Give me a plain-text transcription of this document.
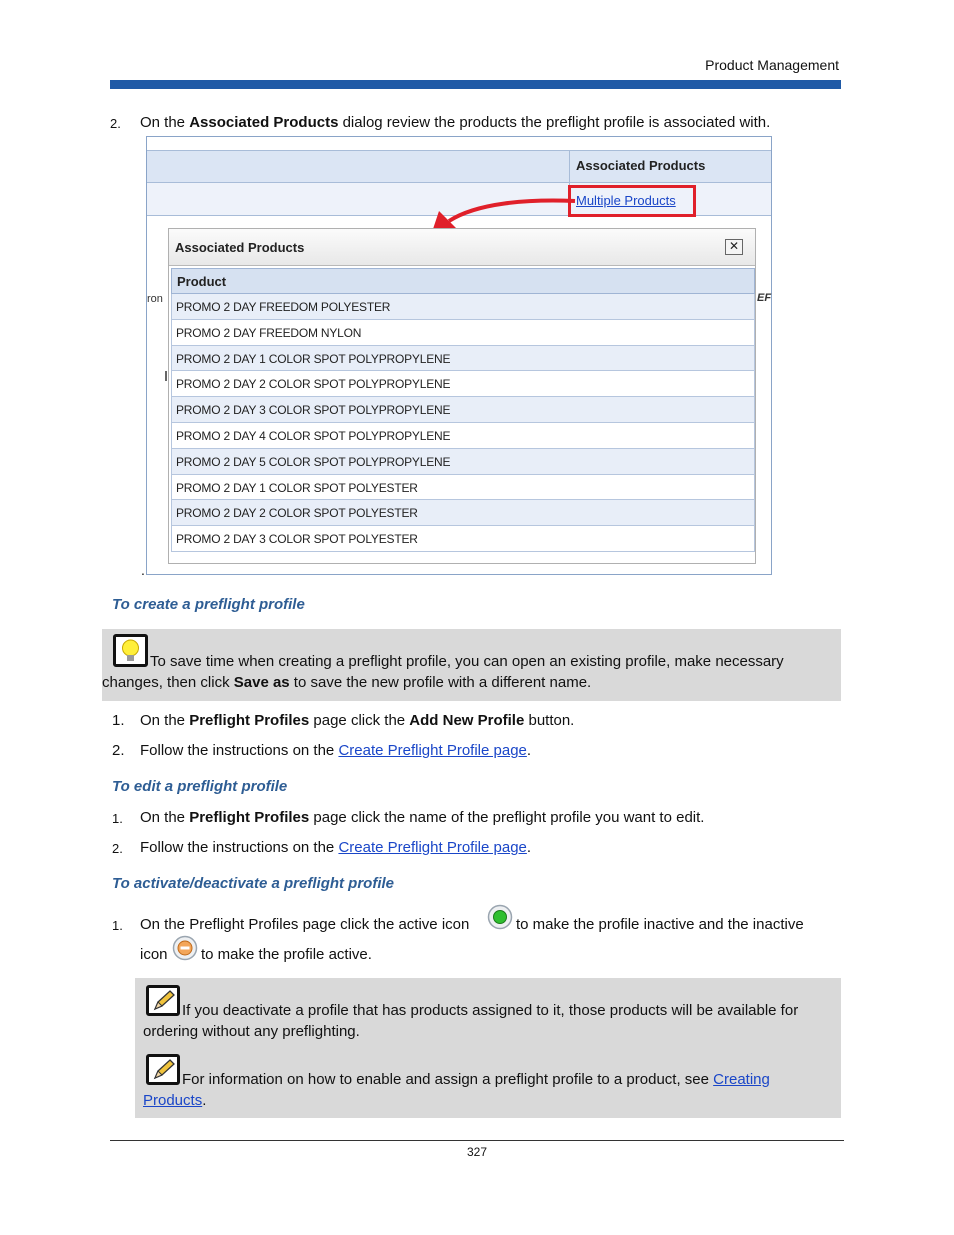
Product Management
2. On the Associated Products dialog review the products the preflight profile is associated with.
Associated Products
Multiple Products
ron	EF
Associated Products	✕
Product
PROMO 2 DAY FREEDOM POLYESTER
PROMO 2 DAY FREEDOM NYLON
PROMO 2 DAY 1 COLOR SPOT POLYPROPYLENE
PROMO 2 DAY 2 COLOR SPOT POLYPROPYLENE
PROMO 2 DAY 3 COLOR SPOT POLYPROPYLENE
PROMO 2 DAY 4 COLOR SPOT POLYPROPYLENE
PROMO 2 DAY 5 COLOR SPOT POLYPROPYLENE
PROMO 2 DAY 1 COLOR SPOT POLYESTER
PROMO 2 DAY 2 COLOR SPOT POLYESTER
PROMO 2 DAY 3 COLOR SPOT POLYESTER
.
To create a preflight profile
To save time when creating a preflight profile, you can open an existing profile, make necessary changes, then click Save as to save the new profile with a different name.
1. On the Preflight Profiles page click the Add New Profile button.
2. Follow the instructions on the Create Preflight Profile page.
To edit a preflight profile
1. On the Preflight Profiles page click the name of the preflight profile you want to edit.
2. Follow the instructions on the Create Preflight Profile page.
To activate/deactivate a preflight profile
1. On the Preflight Profiles page click the active icon	to make the profile inactive and the inactive
icon to make the profile active.
If you deactivate a profile that has products assigned to it, those products will be available for ordering without any preflighting.
For information on how to enable and assign a preflight profile to a product, see Creating Products.
327
